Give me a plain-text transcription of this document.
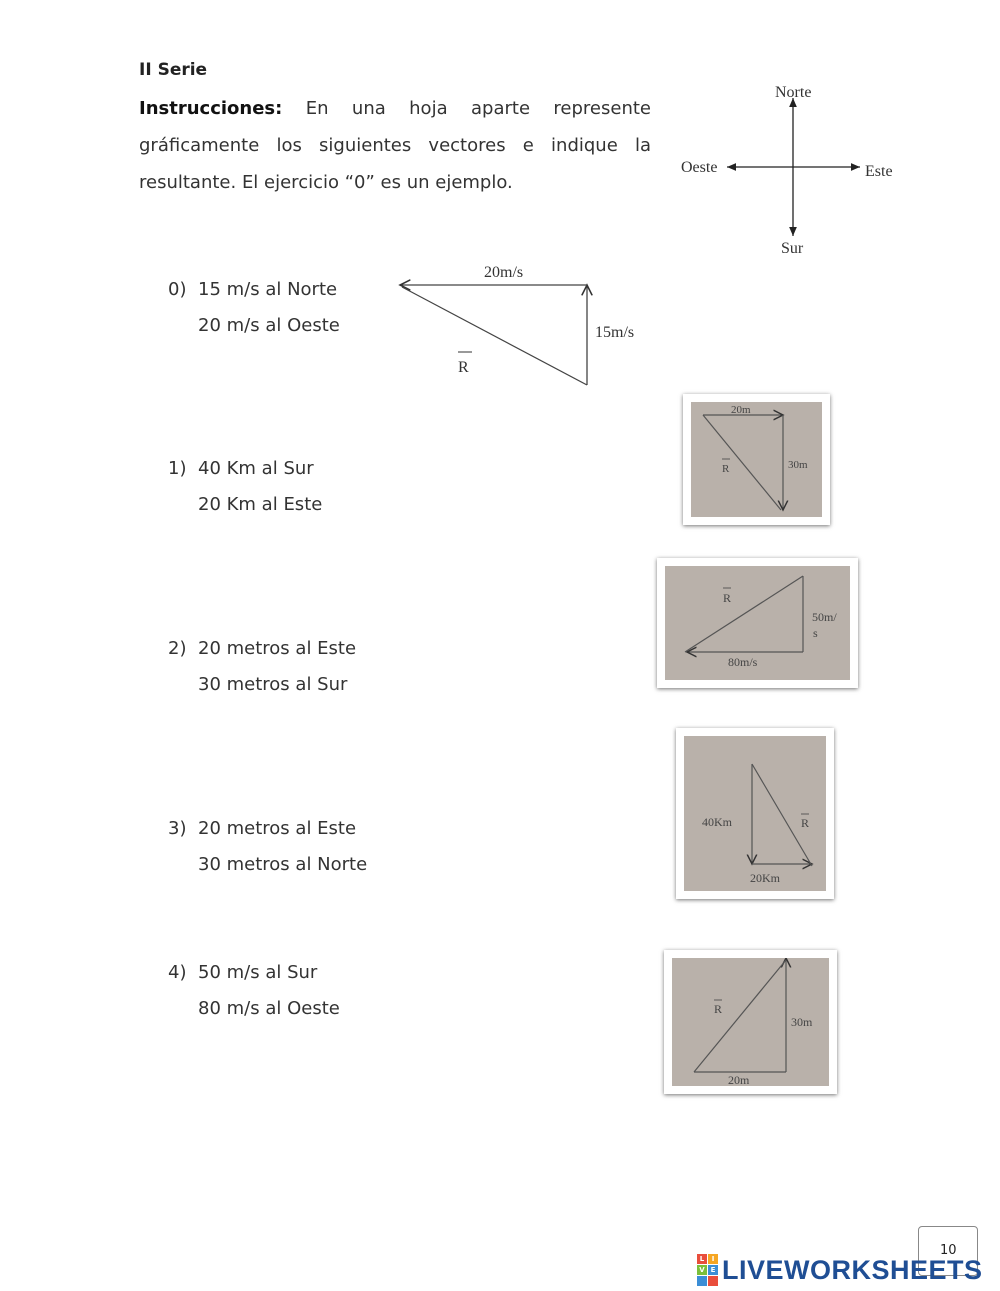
II Serie
Instrucciones: En una hoja aparte represente gráficamente los siguientes vectores e indique la resultante. El ejercicio “0” es un ejemplo.
Norte
Sur
Este
Oeste
0) 15 m/s al Norte
20 m/s al Oeste
1) 40 Km al Sur
20 Km al Este
2) 20 metros al Este
30 metros al Sur
3) 20 metros al Este
30 metros al Norte
4) 50 m/s al Sur
80 m/s al Oeste
20m/s
15m/s
R
20m
30m
R
R
50m/
s
80m/s
40Km	R
20Km
R
30m
20m
10
L	I
V E LIVEWORKSHEETS
